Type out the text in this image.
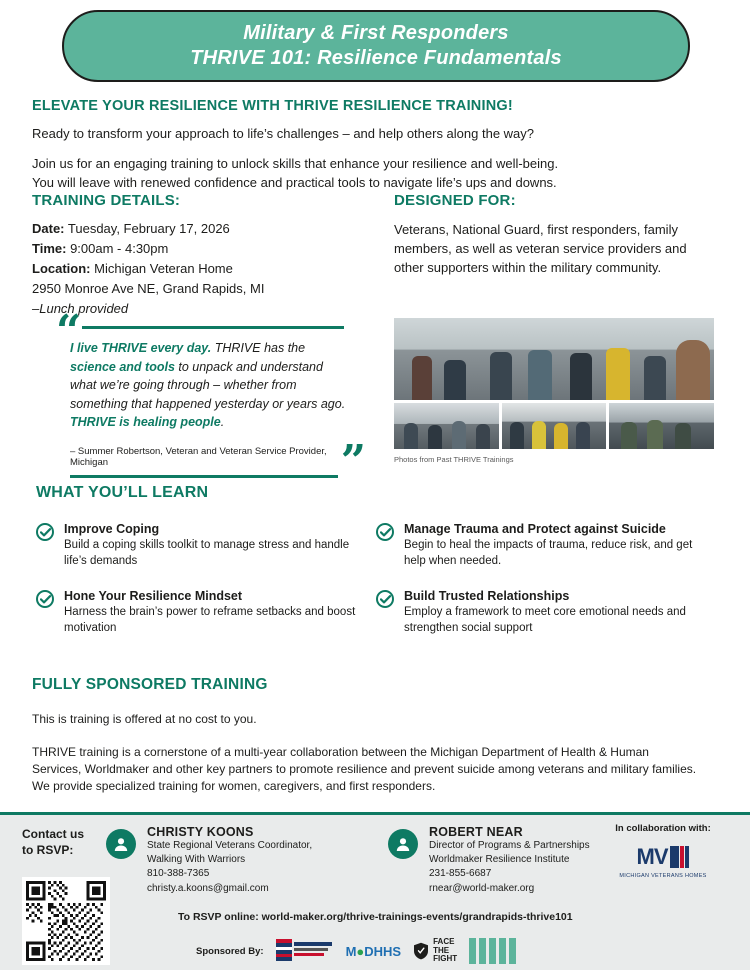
Military & First Responders
THRIVE 101: Resilience Fundamentals
ELEVATE YOUR RESILIENCE WITH THRIVE RESILIENCE TRAINING!

Ready to transform your approach to life’s challenges – and help others along the way?

Join us for an engaging training to unlock skills that enhance your resilience and well-being.
You will leave with renewed confidence and practical tools to navigate life’s ups and downs.

TRAINING DETAILS:
Date: Tuesday, February 17, 2026
Time: 9:00am - 4:30pm
Location: Michigan Veteran Home
2950 Monroe Ave NE, Grand Rapids, MI
–Lunch provided
DESIGNED FOR:
Veterans, National Guard, first responders, family members, as well as veteran service providers and other supporters within the military community.
“
I live THRIVE every day. THRIVE has the science and tools to unpack and understand what we’re going through – whether from something that happened yesterday or years ago. THRIVE is healing people.
– Summer Robertson, Veteran and Veteran Service Provider, Michigan	”	Photos from Past THRIVE Trainings
WHAT YOU’LL LEARN
Improve Coping
Build a coping skills toolkit to manage stress and handle life’s demands
Manage Trauma and Protect against Suicide
Begin to heal the impacts of trauma, reduce risk, and get help when needed.
Hone Your Resilience Mindset
Harness the brain’s power to reframe setbacks and boost motivation
Build Trusted Relationships
Employ a framework to meet core emotional needs and strengthen social support
FULLY SPONSORED TRAINING

This is training is offered at no cost to you.

THRIVE training is a cornerstone of a multi-year collaboration between the Michigan Department of Health & Human Services, Worldmaker and other key partners to promote resilience and prevent suicide among veterans and military families. We provide specialized training for women, caregivers, and first responders.

Contact us
to RSVP:
CHRISTY KOONS
State Regional Veterans Coordinator,
Walking With Warriors
810-388-7365
christy.a.koons@gmail.com
ROBERT NEAR
Director of Programs & Partnerships
Worldmaker Resilience Institute
231-855-6687
rnear@world-maker.org
In collaboration with:
MV
MICHIGAN VETERANS HOMES
To RSVP online: world-maker.org/thrive-trainings-events/grandrapids-thrive101
Sponsored By:	M●DHHS
FACE
THE
FIGHT
